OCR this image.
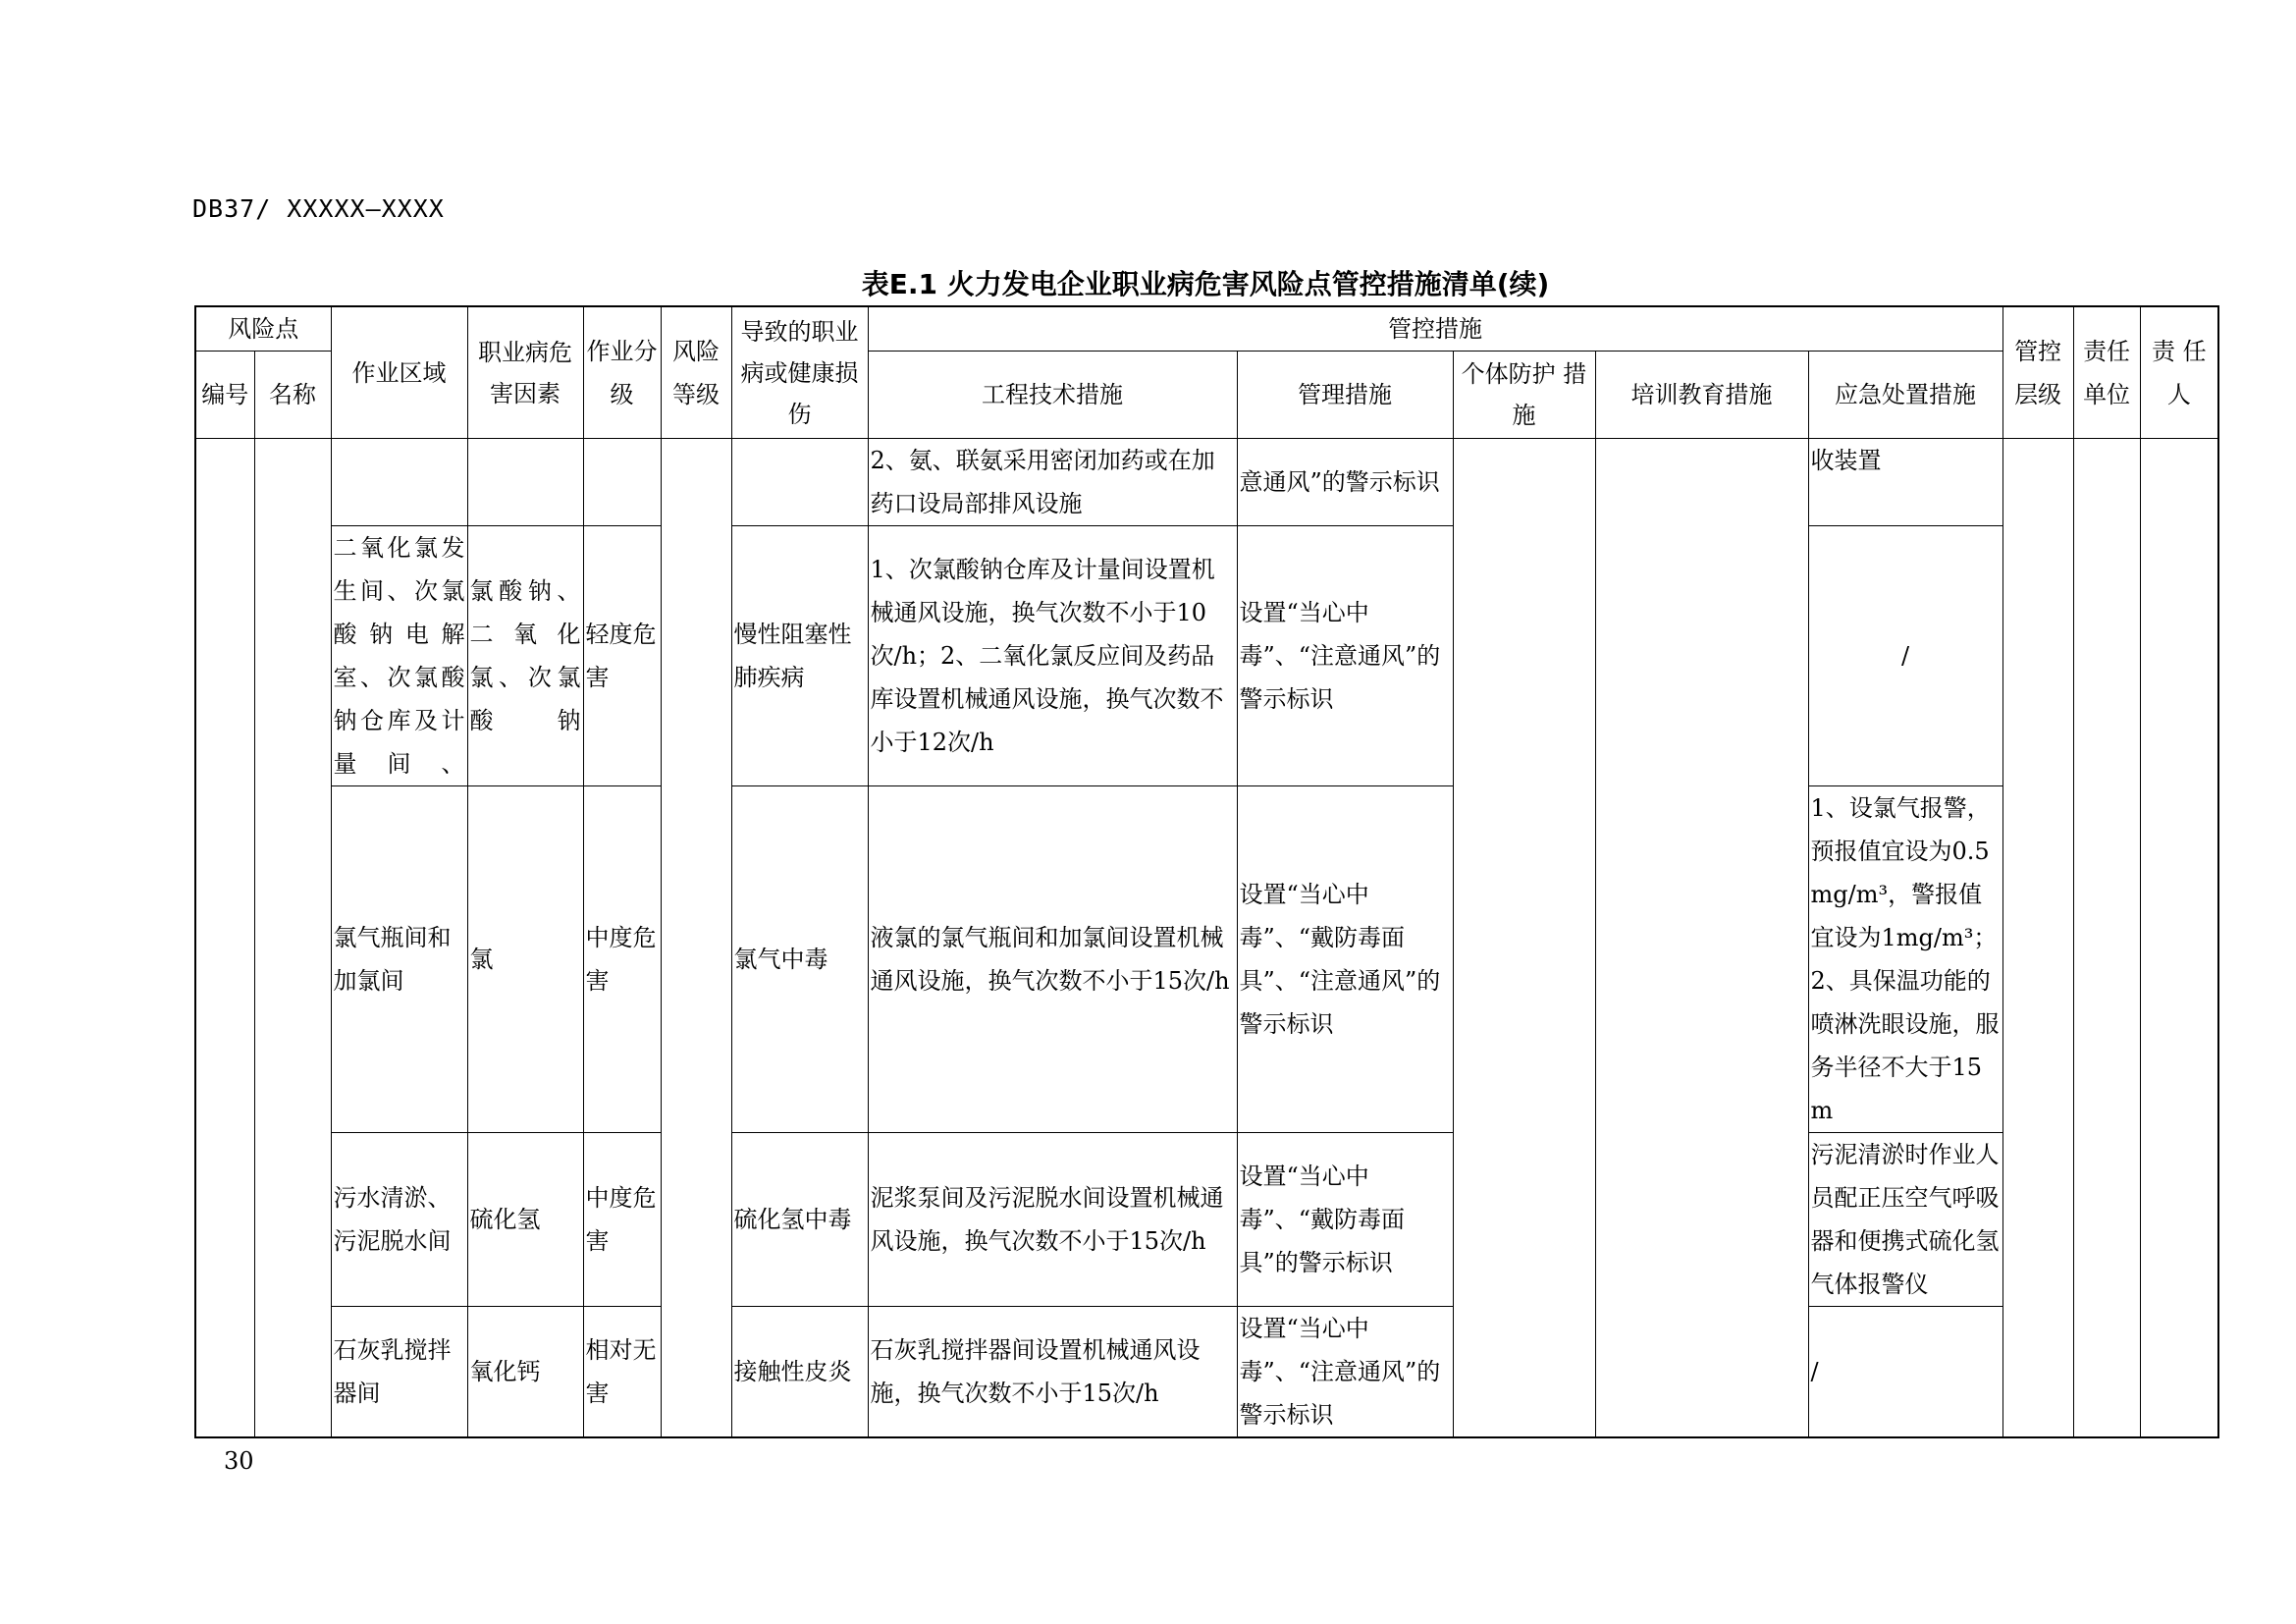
DB37/ XXXXX—XXXX
表E.1 火力发电企业职业病危害风险点管控措施清单(续)
风险点		作业区域	职业病危害因素	作业分级	风险等级	导致的职业病或健康损伤	管控措施					管控层级	责任单位	责 任人
编号	名称						工程技术措施	管理措施	个体防护 措 施	培训教育措施	应急处置措施			

							2、氨、联氨采用密闭加药或在加药口设局部排风设施	意通风”的警示标识			收装置			
		二氧化氯发生间、次氯酸钠电解室、次氯酸钠仓库及计量间、	氯酸钠、二氧化氯、次氯酸钠	轻度危害		慢性阻塞性肺疾病	1、次氯酸钠仓库及计量间设置机械通风设施，换气次数不小于10次/h；2、二氧化氯反应间及药品库设置机械通风设施，换气次数不小于12次/h	设置“当心中毒”、“注意通风”的警示标识			/			
		氯气瓶间和加氯间	氯	中度危害		氯气中毒	液氯的氯气瓶间和加氯间设置机械通风设施，换气次数不小于15次/h	设置“当心中毒”、“戴防毒面具”、“注意通风”的警示标识			1、设氯气报警，预报值宜设为0.5mg/m³，警报值宜设为1mg/m³；2、具保温功能的喷淋洗眼设施，服务半径不大于15m			
		污水清淤、污泥脱水间	硫化氢	中度危害		硫化氢中毒	泥浆泵间及污泥脱水间设置机械通风设施，换气次数不小于15次/h	设置“当心中毒”、“戴防毒面具”的警示标识			污泥清淤时作业人员配正压空气呼吸器和便携式硫化氢气体报警仪			
		石灰乳搅拌器间	氧化钙	相对无害		接触性皮炎	石灰乳搅拌器间设置机械通风设施，换气次数不小于15次/h	设置“当心中毒”、“注意通风”的警示标识			/			
30
